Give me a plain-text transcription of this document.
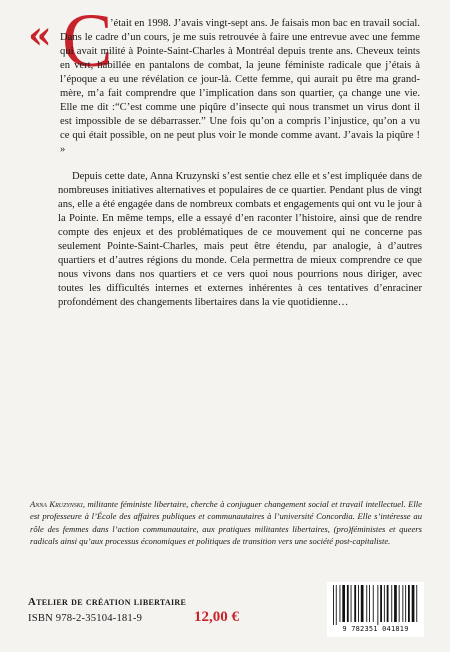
« C

’était en 1998. J’avais vingt-sept ans. Je faisais mon bac en travail social. Dans le cadre d’un cours, je me suis retrouvée à faire une entrevue avec une femme qui avait milité à Pointe-Saint-Charles à Montréal depuis trente ans. Cheveux teints en vert, habillée en pantalons de combat, la jeune féministe radicale que j’étais à l’époque a eu une révélation ce jour-là. Cette femme, qui aurait pu être ma grand-mère, m’a fait comprendre que l’implication dans son quartier, ça change une vie. Elle me dit :“C’est comme une piqûre d’insecte qui nous transmet un virus dont il est impossible de se débarrasser.” Une fois qu’on a compris l’injustice, qu’on a vu ce qui était possible, on ne peut plus voir le monde comme avant. J’avais la piqûre ! »

Depuis cette date, Anna Kruzynski s’est sentie chez elle et s’est impliquée dans de nombreuses initiatives alternatives et populaires de ce quartier. Pendant plus de vingt ans, elle a été engagée dans de nombreux combats et engagements qui ont vu le jour à la Pointe. En même temps, elle a essayé d’en raconter l’histoire, ainsi que de rendre compte des enjeux et des problématiques de ce mouvement qui ne concerne pas seulement Pointe-Saint-Charles, mais peut être étendu, par analogie, à d’autres quartiers et d’autres régions du monde. Cela permettra de mieux comprendre ce que nous vivons dans nos quartiers et ce vers quoi nous pourrions nous diriger, avec toutes les difficultés internes et externes inhérentes à ces tentatives d’enraciner profondément des changements libertaires dans la vie quotidienne…

Anna Kruzynski, militante féministe libertaire, cherche à conjuguer changement social et travail intellectuel. Elle est professeure à l’École des affaires publiques et communautaires à l’université Concordia. Elle s’intéresse au rôle des femmes dans l’action communautaire, aux pratiques militantes libertaires, (pro)féministes et queers radicals ainsi qu’aux processus économiques et politiques de transition vers une société post-capitaliste.

Atelier de création libertaire
ISBN 978-2-35104-181-9	12,00 €
9 782351 041819
